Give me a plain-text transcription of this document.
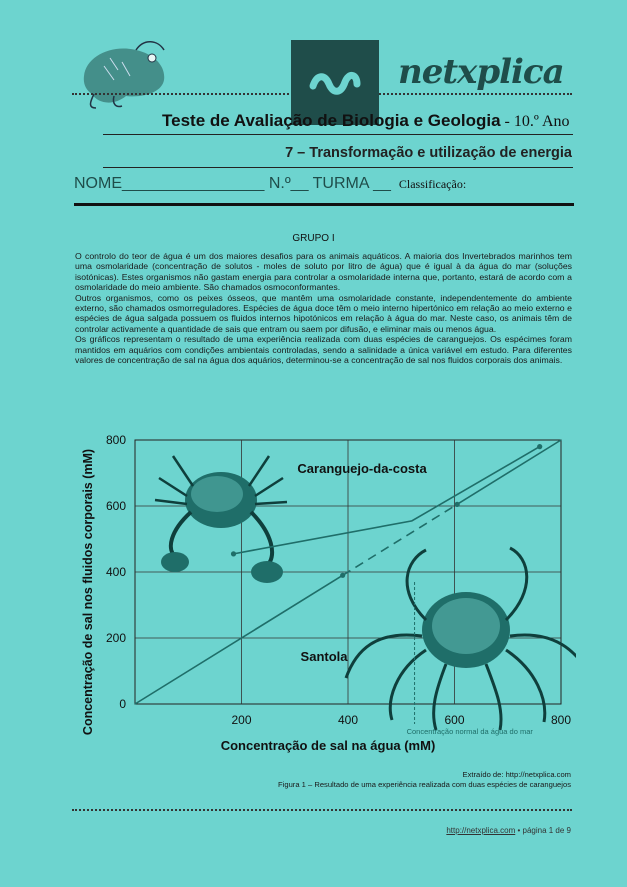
netxplica
Teste de Avaliação de Biologia e Geologia - 10.º Ano
7 – Transformação e utilização de energia
NOME________________ N.º__ TURMA __ Classificação:
GRUPO I

O controlo do teor de água é um dos maiores desafios para os animais aquáticos. A maioria dos Invertebrados marinhos tem uma osmolaridade (concentração de solutos - moles de soluto por litro de água) que é igual à da água do mar (soluções isotónicas). Estes organismos não gastam energia para controlar a osmolaridade interna que, portanto, estará de acordo com a osmolaridade do meio ambiente. São chamados osmoconformantes.

Outros organismos, como os peixes ósseos, que mantêm uma osmolaridade constante, independentemente do ambiente externo, são chamados osmorreguladores. Espécies de água doce têm o meio interno hipertónico em relação ao meio externo e espécies de água salgada possuem os fluidos internos hipotónicos em relação à água do mar. Neste caso, os animais têm de controlar activamente a quantidade de sais que entram ou saem por difusão, e eliminar mais ou menos água.

Os gráficos representam o resultado de uma experiência realizada com duas espécies de caranguejos. Os espécimes foram mantidos em aquários com condições ambientais controladas, sendo a salinidade a única variável em estudo. Para diferentes valores de concentração de sal na água dos aquários, determinou-se a concentração de sal nos fluidos corporais dos animais.

200	400	600	800
0
200
400
600
800
Concentração de sal na água (mM)
Concentração de sal nos fluidos corporais (mM)	Concentração normal da água do mar
Caranguejo-da-costa
Santola
Extraído de: http://netxplica.com
Figura 1 – Resultado de uma experiência realizada com duas espécies de caranguejos
http://netxplica.com • página 1 de 9
